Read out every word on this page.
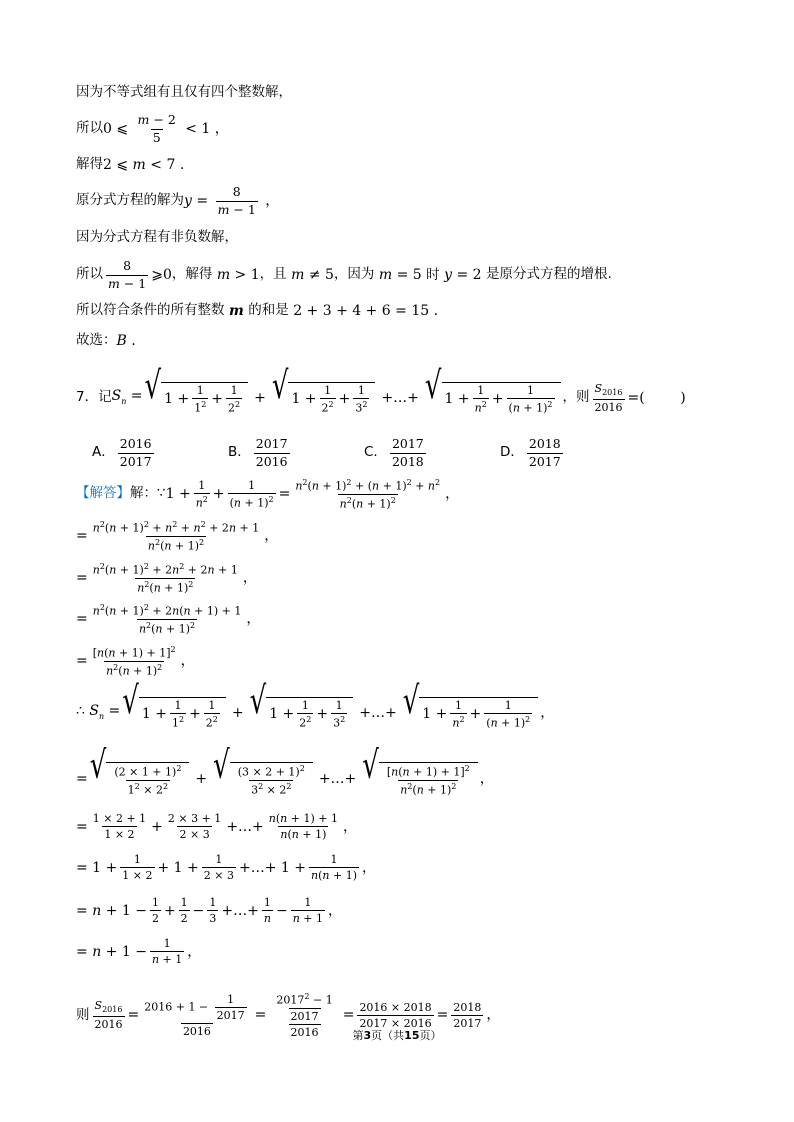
因为不等式组有且仅有四个整数解，
所以 0 ⩽ $\frac{m - 2}{5} < 1$ ，
解得 2 ⩽ m < 7 .
原分式方程的解为 $y = \frac{8}{m - 1}$ ，
因为分式方程有非负数解，
所以 $\frac{8}{m - 1}$ ⩾0 ，解得 m > 1 ，且 m ≠ 5 ，因为 m = 5 时 y = 2 是原分式方程的增根.
所以符合条件的所有整数 m 的和是
2 + 3 + 4 + 6 = 15 .
故选： B .
7．记 $S_n$ = √ $1 + \frac{1}{1^2} + \frac{1}{2^2}$ + √ $1 + \frac{1}{2^2} + \frac{1}{3^2}$ +…+ √ $1 + \frac{1}{n^2} + \frac{1}{(n + 1)^2}$ ，则 $\frac{S_{2016}}{2016}$ =(        )
A． $\frac{2016}{2017}$	B． $\frac{2017}{2016}$	C． $\frac{2017}{2018}$	D． $\frac{2018}{2017}$
【解答】 解：∵ $1 + \frac{1}{n^2} + \frac{1}{(n + 1)^2} = \frac{n^2(n + 1)^2 + (n + 1)^2 + n^2}{n^2(n + 1)^2}$ ，
= $\frac{n^2(n + 1)^2 + n^2 + n^2 + 2n + 1}{n^2(n + 1)^2}$ ，
= $\frac{n^2(n + 1)^2 + 2n^2 + 2n + 1}{n^2(n + 1)^2}$ ，
= $\frac{n^2(n + 1)^2 + 2n(n + 1) + 1}{n^2(n + 1)^2}$ ，
= $\frac{[n(n + 1) + 1]^2}{n^2(n + 1)^2}$ ，
∴ $S_n$ = √ $1 + \frac{1}{1^2} + \frac{1}{2^2}$ + √ $1 + \frac{1}{2^2} + \frac{1}{3^2}$ +…+ √ $1 + \frac{1}{n^2} + \frac{1}{(n + 1)^2}$ ，
= √ $\frac{(2 \times 1 + 1)^2}{1^2 \times 2^2}$ + √ $\frac{(3 \times 2 + 1)^2}{3^2 \times 2^2}$ +…+ √ $\frac{[n(n + 1) + 1]^2}{n^2(n + 1)^2}$ ，
= $\frac{1 \times 2 + 1}{1 \times 2} + \frac{2 \times 3 + 1}{2 \times 3}$ +…+ $\frac{n(n + 1) + 1}{n(n + 1)}$ ，
= $1 + \frac{1}{1 \times 2} + 1 + \frac{1}{2 \times 3}$ +…+ $1 + \frac{1}{n(n + 1)}$ ，
= $n + 1 - \frac{1}{2} + \frac{1}{2} - \frac{1}{3}$ +…+ $\frac{1}{n} - \frac{1}{n + 1}$ ，
= $n + 1 - \frac{1}{n + 1}$ ，
则 $\frac{S_{2016}}{2016} = \frac{2016 + 1 - \frac{1}{2017}}{2016} = \frac{\frac{2017^2 - 1}{2017}}{2016} = \frac{2016 \times 2018}{2017 \times 2016} = \frac{2018}{2017}$ ，
第3页（共15页）
